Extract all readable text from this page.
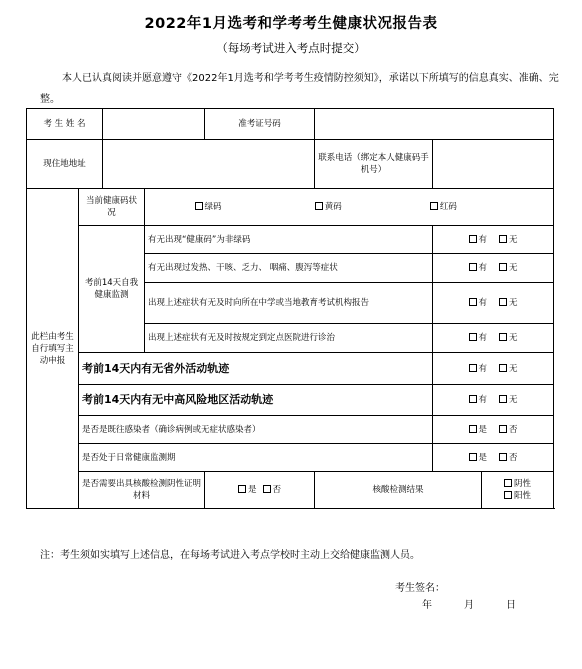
2022年1月选考和学考考生健康状况报告表
（每场考试进入考点时提交）
本人已认真阅读并愿意遵守《2022年1月选考和学考考生疫情防控须知》，承诺以下所填写的信息真实、准确、完整。
考 生 姓 名				准考证号码			
现住地地址					联系电话（绑定本人健康码手机号）		
此栏由考生自行填写主动申报	当前健康码状况		绿码 黄码 红码				
	考前14天自我健康监测		有无出现“健康码”为非绿码			有 无	
			有无出现过发热、干咳、乏力、 咽痛、腹泻等症状			有 无	
			出现上述症状有无及时向所在中学或当地教育考试机构报告			有 无	
			出现上述症状有无及时按规定到定点医院进行诊治			有 无	
	考前14天内有无省外活动轨迹					有 无	
	考前14天内有无中高风险地区活动轨迹					有 无	
	是否是既往感染者（确诊病例或无症状感染者）					是 否	
	是否处于日常健康监测期					是 否	
	是否需要出具核酸检测阴性证明材料			是 否	核酸检测结果		阴性阳性
注：考生须如实填写上述信息，在每场考试进入考点学校时主动上交给健康监测人员。
考生签名：
年	月	日
